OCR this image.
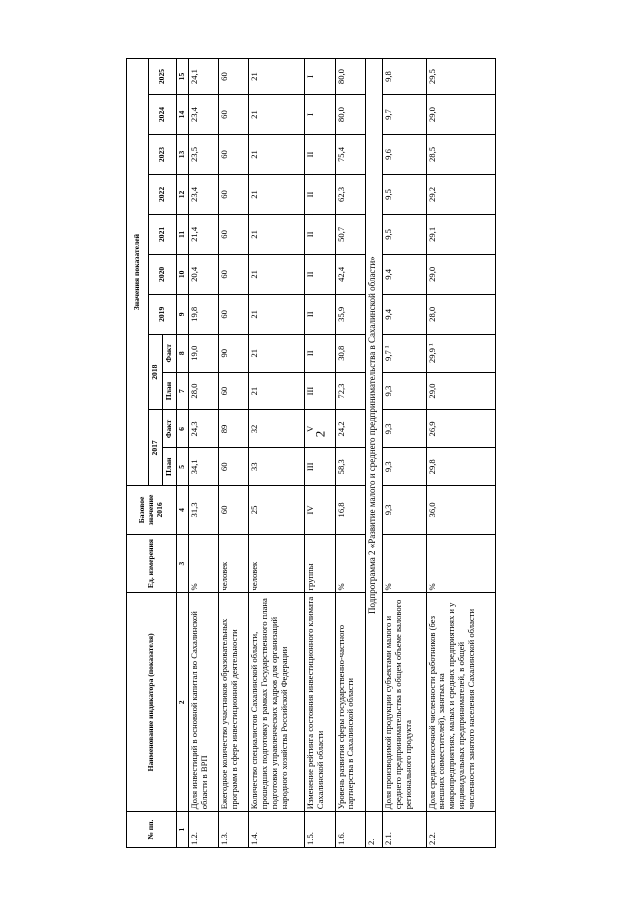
2
№ пп.	Наименование индикатора (показателя)	Ед. измерения	Базовое значение 2016	Значения показателей										
				2017		2018		2019	2020	2021	2022	2023	2024	2025
				План	Факт	План	Факт							
1	2	3	4	5	6	7	8	9	10	11	12	13	14	15
1.2.	Доля инвестиций в основной капитал во Сахалинской области в ВРП	%	31,3	34,1	24,3	28,0	19,0	19,8	20,4	21,4	23,4	23,5	23,4	24,1
1.3.	Ежегодное количество участников образовательных программ в сфере инвестиционной деятельности	человек	60	60	89	60	90	60	60	60	60	60	60	60
1.4.	Количество специалистов Сахалинской области, прошедших подготовку в рамках Государственного плана подготовки управленческих кадров для организаций народного хозяйства Российской Федерации	человек	25	33	32	21	21	21	21	21	21	21	21	21
1.5.	Изменение рейтинга состояния инвестиционного климата Сахалинской области	группы	IV	III	V	III	II	II	II	II	II	II	I	I
1.6.	Уровень развития сферы государственно-частного партнерства в Сахалинской области	%	16,8	58,3	24,2	72,3	30,8	35,9	42,4	50,7	62,3	75,4	80,0	80,0
2.	Подпрограмма 2 «Развитие малого и среднего предпринимательства в Сахалинской области»													
2.1.	Доля производимой продукции субъектами малого и среднего предпринимательства в общем объеме валового регионального продукта	%	9,3	9,3	9,3	9,3	9,7 ¹	9,4	9,4	9,5	9,5	9,6	9,7	9,8
2.2.	Доля среднесписочной численности работников (без внешних совместителей), занятых на микропредприятиях, малых и средних предприятиях и у индивидуальных предпринимателей, в общей численности занятого населения Сахалинской области	%	36,0	29,8	26,9	29,0	29,9 ¹	28,0	29,0	29,1	29,2	28,5	29,0	29,5
